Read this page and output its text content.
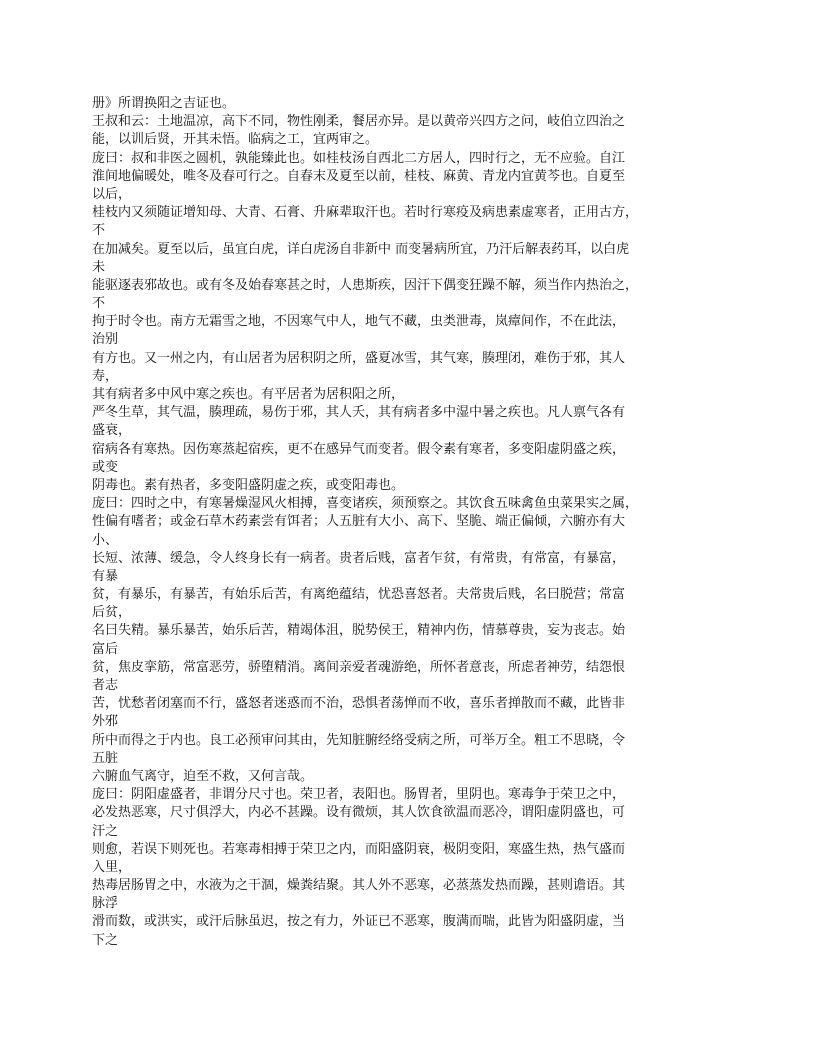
册》所谓换阳之吉证也。
王叔和云：土地温凉，高下不同，物性刚柔，餐居亦异。是以黄帝兴四方之问，岐伯立四治之
能，以训后贤，开其未悟。临病之工，宜两审之。
庞曰：叔和非医之圆机，孰能臻此也。如桂枝汤自西北二方居人，四时行之，无不应验。自江
淮间地偏暖处，唯冬及春可行之。自春末及夏至以前，桂枝、麻黄、青龙内宜黄芩也。自夏至
以后，
桂枝内又须随证增知母、大青、石膏、升麻辈取汗也。若时行寒疫及病患素虚寒者，正用古方，
不
在加减矣。夏至以后，虽宜白虎，详白虎汤自非新中 而变暑病所宜，乃汗后解表药耳，以白虎
未
能驱逐表邪故也。或有冬及始春寒甚之时，人患斯疾，因汗下偶变狂躁不解，须当作内热治之，
不
拘于时令也。南方无霜雪之地，不因寒气中人，地气不藏，虫类泄毒，岚瘴间作，不在此法，
治别
有方也。又一州之内，有山居者为居积阴之所，盛夏冰雪，其气寒，腠理闭，难伤于邪，其人
寿，
其有病者多中风中寒之疾也。有平居者为居积阳之所，
严冬生草，其气温，腠理疏，易伤于邪，其人夭，其有病者多中湿中暑之疾也。凡人禀气各有
盛衰，
宿病各有寒热。因伤寒蒸起宿疾，更不在感异气而变者。假令素有寒者，多变阳虚阴盛之疾，
或变
阴毒也。素有热者，多变阳盛阴虚之疾，或变阳毒也。
庞曰：四时之中，有寒暑燥湿风火相搏，喜变诸疾，须预察之。其饮食五味禽鱼虫菜果实之属，
性偏有嗜者；或金石草木药素尝有饵者；人五脏有大小、高下、坚脆、端正偏倾，六腑亦有大
小、
长短、浓薄、缓急，令人终身长有一病者。贵者后贱，富者乍贫，有常贵，有常富，有暴富，
有暴
贫，有暴乐，有暴苦，有始乐后苦，有离绝蕴结，忧恐喜怒者。夫常贵后贱，名曰脱营；常富
后贫，
名曰失精。暴乐暴苦，始乐后苦，精竭体沮，脱势侯王，精神内伤，情慕尊贵，妄为丧志。始
富后
贫，焦皮挛筋，常富恶劳，骄堕精消。离间亲爱者魂游绝，所怀者意丧，所虑者神劳，结怨恨
者志
苦，忧愁者闭塞而不行，盛怒者迷惑而不治，恐惧者荡惮而不收，喜乐者掸散而不藏，此皆非
外邪
所中而得之于内也。良工必预审问其由，先知脏腑经络受病之所，可举万全。粗工不思晓，令
五脏
六腑血气离守，迫至不救，又何言哉。
庞曰：阴阳虚盛者，非谓分尺寸也。荣卫者，表阳也。肠胃者，里阴也。寒毒争于荣卫之中，
必发热恶寒，尺寸俱浮大，内必不甚躁。设有微烦，其人饮食欲温而恶冷，谓阳虚阴盛也，可
汗之
则愈，若误下则死也。若寒毒相搏于荣卫之内，而阳盛阴衰，极阴变阳，寒盛生热，热气盛而
入里，
热毒居肠胃之中，水液为之干涸，燥粪结聚。其人外不恶寒，必蒸蒸发热而躁，甚则谵语。其
脉浮
滑而数，或洪实，或汗后脉虽迟，按之有力，外证已不恶寒，腹满而喘，此皆为阳盛阴虚，当
下之
